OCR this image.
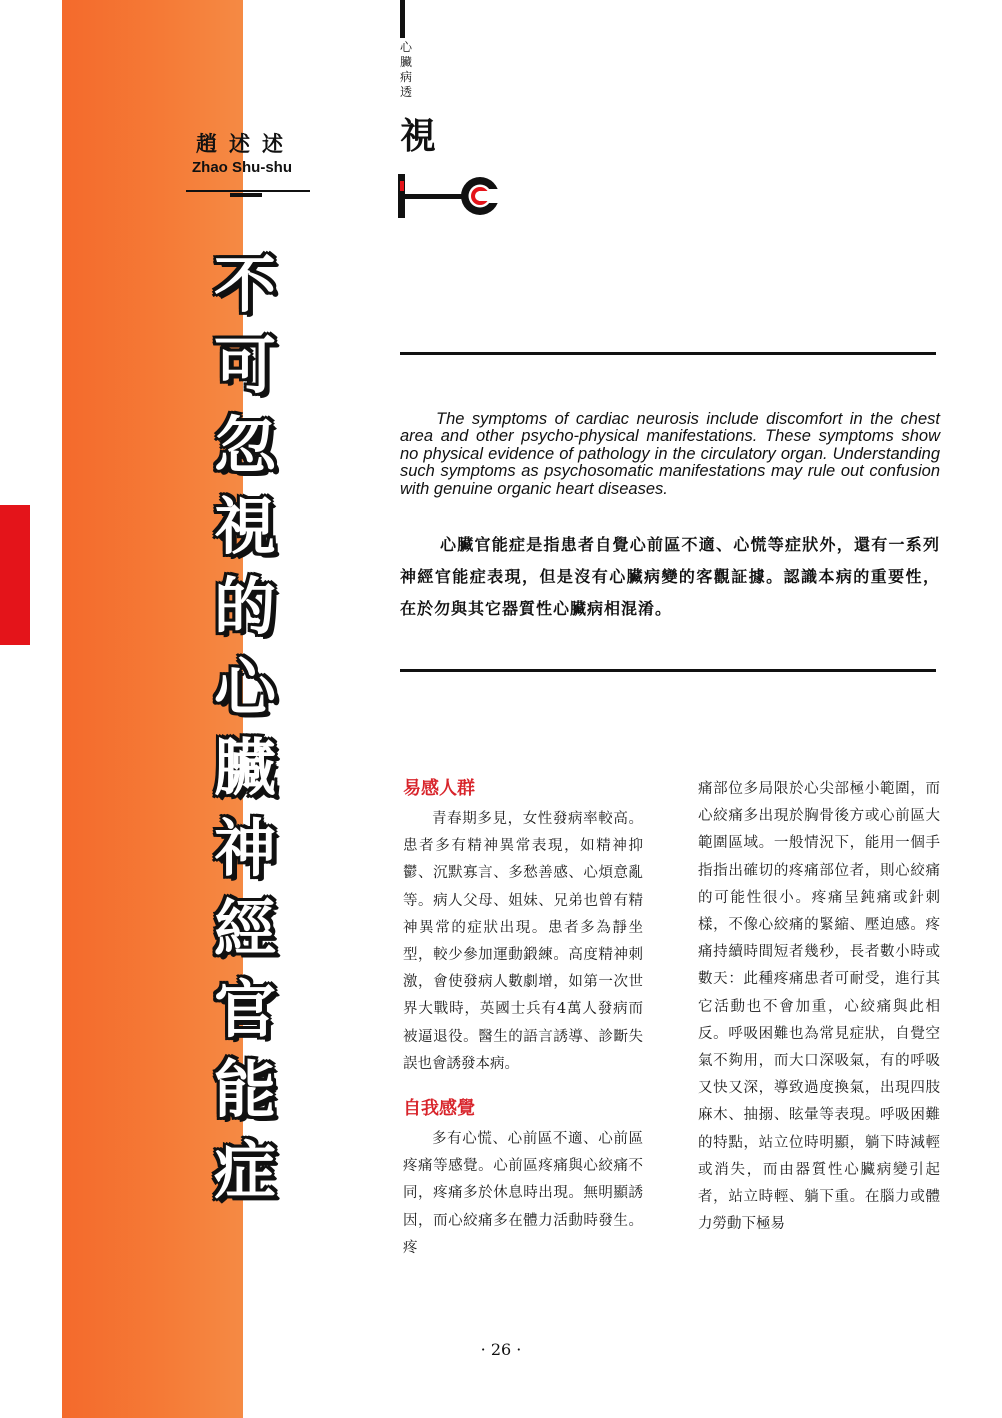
趙述述
Zhao Shu-shu
不
可
忽
視
的
心
臟
神
經
官
能
症
心
臟
病
透
視

The symptoms of cardiac neurosis include discomfort in the chest area and other psycho-physical manifestations. These symptoms show no physical evidence of pathology in the circulatory organ. Understanding such symptoms as psychosomatic manifestations may rule out confusion with genuine organic heart diseases.

心臟官能症是指患者自覺心前區不適、心慌等症狀外，還有一系列神經官能症表現，但是沒有心臟病變的客觀証據。認識本病的重要性，在於勿與其它器質性心臟病相混淆。

易感人群

青春期多見，女性發病率較高。患者多有精神異常表現，如精神抑鬱、沉默寡言、多愁善感、心煩意亂等。病人父母、姐妹、兄弟也曾有精神異常的症狀出現。患者多為靜坐型，較少參加運動鍛練。高度精神刺激，會使發病人數劇增，如第一次世界大戰時，英國士兵有4萬人發病而被逼退役。醫生的語言誘導、診斷失誤也會誘發本病。

自我感覺

多有心慌、心前區不適、心前區疼痛等感覺。心前區疼痛與心絞痛不同，疼痛多於休息時出現。無明顯誘因，而心絞痛多在體力活動時發生。疼

痛部位多局限於心尖部極小範圍，而心絞痛多出現於胸骨後方或心前區大範圍區域。一般情況下，能用一個手指指出確切的疼痛部位者，則心絞痛的可能性很小。疼痛呈鈍痛或針刺樣，不像心絞痛的緊縮、壓迫感。疼痛持續時間短者幾秒，長者數小時或數天：此種疼痛患者可耐受，進行其它活動也不會加重，心絞痛與此相反。呼吸困難也為常見症狀，自覺空氣不夠用，而大口深吸氣，有的呼吸又快又深，導致過度換氣，出現四肢麻木、抽搦、眩暈等表現。呼吸困難的特點，站立位時明顯，躺下時減輕或消失，而由器質性心臟病變引起者，站立時輕、躺下重。在腦力或體力勞動下極易

· 26 ·
